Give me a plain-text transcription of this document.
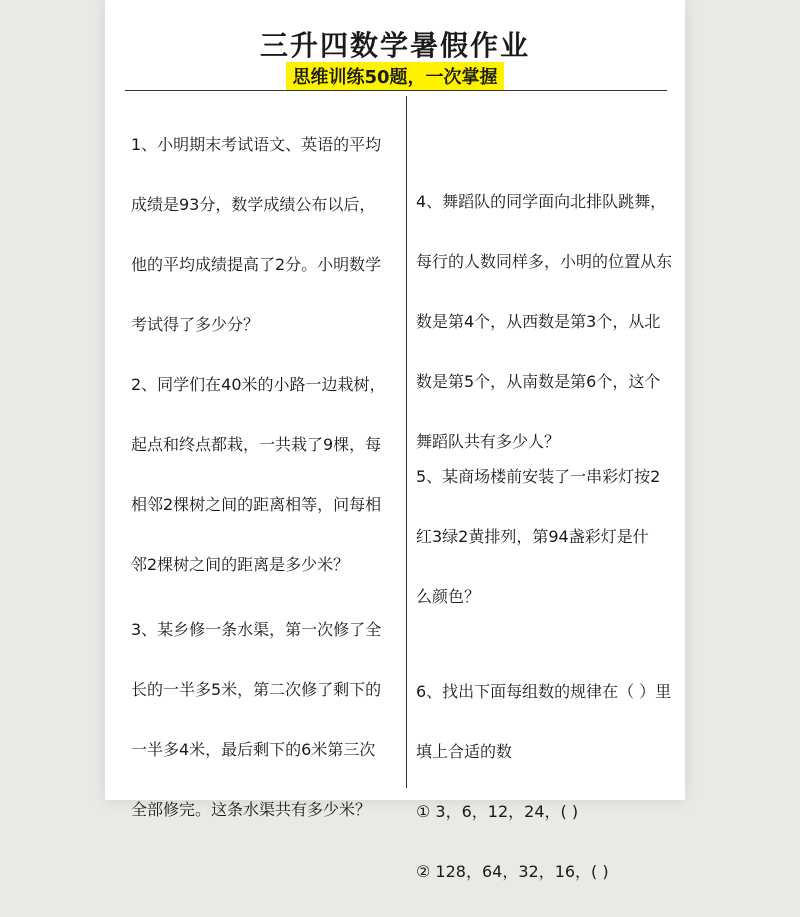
三升四数学暑假作业
思维训练50题，一次掌握

1、小明期末考试语文、英语的平均

成绩是93分，数学成绩公布以后，

他的平均成绩提高了2分。小明数学

考试得了多少分？

2、同学们在40米的小路一边栽树，

起点和终点都栽，一共栽了9棵，每

相邻2棵树之间的距离相等，问每相

邻2棵树之间的距离是多少米？

3、某乡修一条水渠，第一次修了全

长的一半多5米，第二次修了剩下的

一半多4米，最后剩下的6米第三次

全部修完。这条水渠共有多少米？

4、舞蹈队的同学面向北排队跳舞，

每行的人数同样多，小明的位置从东

数是第4个，从西数是第3个，从北

数是第5个，从南数是第6个，这个

舞蹈队共有多少人？

5、某商场楼前安装了一串彩灯按2

红3绿2黄排列，第94盏彩灯是什

么颜色？

6、找出下面每组数的规律在（ ）里

填上合适的数

① 3，6，12，24，( )

② 128，64，32，16，( )
